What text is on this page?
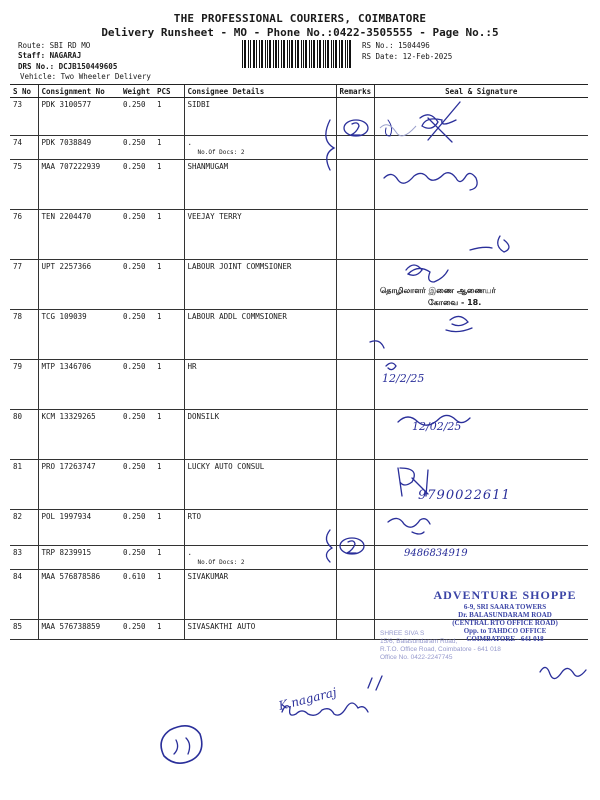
THE PROFESSIONAL COURIERS, COIMBATORE
Delivery Runsheet - MO - Phone No.:0422-3505555 - Page No.:5
Route: SBI RD MO
Staff: NAGARAJ
DRS No.: DCJB150449605
Vehicle: Two Wheeler Delivery
RS No.: 1504496
RS Date: 12-Feb-2025
S No	Consignment No	Weight	PCS	Consignee Details	Remarks	Seal & Signature
73	PDK 3100577	0.250	1	SIDBI		
74	PDK 7038849	0.250	1	.
No.Of Docs: 2		

75	MAA 707222939	0.250	1	SHANMUGAM		
76	TEN 2204470	0.250	1	VEEJAY TERRY		
77	UPT 2257366	0.250	1	LABOUR JOINT COMMSIONER		
78	TCG 109039	0.250	1	LABOUR ADDL COMMSIONER		
79	MTP 1346706	0.250	1	HR		
80	KCM 13329265	0.250	1	DONSILK		
81	PRO 17263747	0.250	1	LUCKY AUTO CONSUL		
82	POL 1997934	0.250	1	RTO		
83	TRP 8239915	0.250	1	.
No.Of Docs: 2		

84	MAA 576878586	0.610	1	SIVAKUMAR		
85	MAA 576738859	0.250	1	SIVASAKTHI AUTO		
12/2/25
12/02/25
9790022611
9486834919
K.nagaraj
தொழிலாளர் இணை ஆணையர்
கோவை - 18.
ADVENTURE SHOPPE
6-9, SRI SAARA TOWERS
Dr. BALASUNDARAM ROAD
(CENTRAL RTO OFFICE ROAD)
Opp. to TAHDCO OFFICE
COIMBATORE - 641 018
SHREE SIVA S
15/6, Balasundaram Road,
R.T.O. Office Road, Coimbatore - 641 018
Office No. 0422-2247745
